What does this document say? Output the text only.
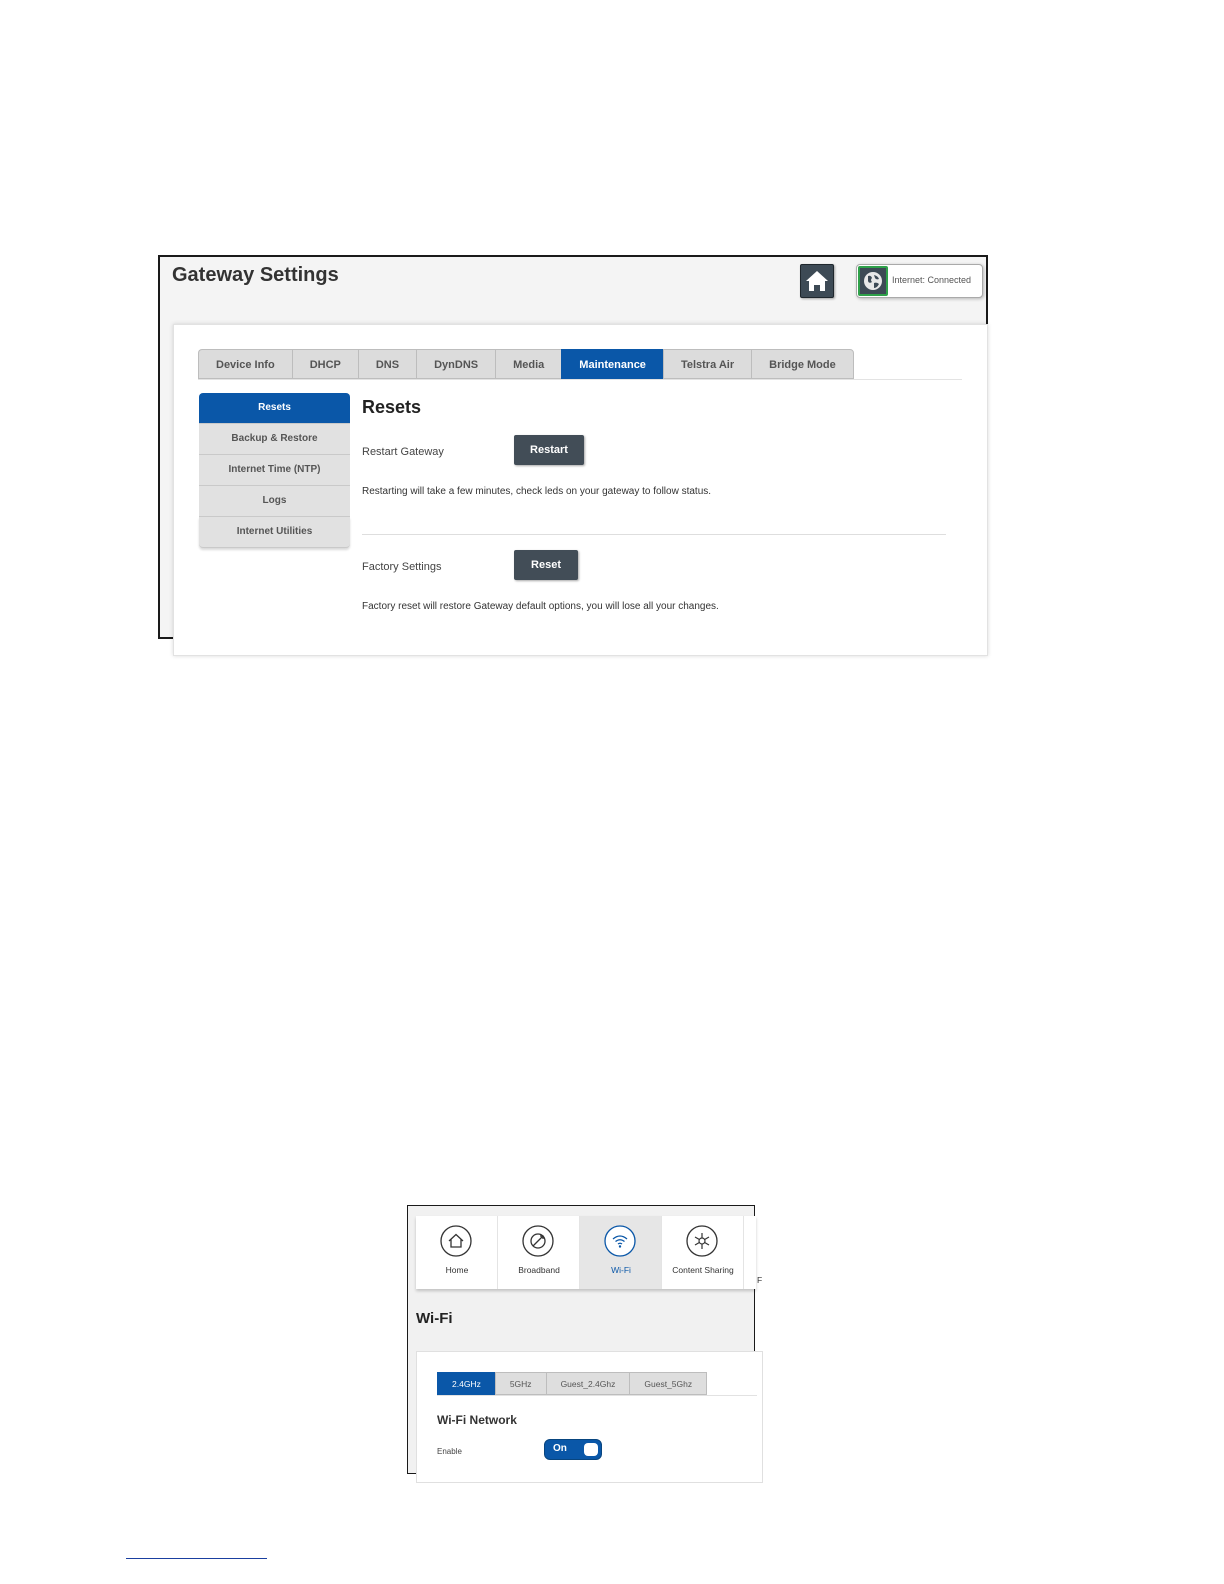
Gateway Settings	Internet: Connected
Device Info	DHCP	DNS	DynDNS	Media	Maintenance	Telstra Air	Bridge Mode
Resets
Backup & Restore
Internet Time (NTP)
Logs
Internet Utilities
Resets
Restart Gateway	Restart
Restarting will take a few minutes, check leds on your gateway to follow status.
Factory Settings	Reset
Factory reset will restore Gateway default options, you will lose all your changes.
Home	Broadband	Wi-Fi	Content Sharing
F
Wi-Fi
2.4GHz	5GHz	Guest_2.4Ghz	Guest_5Ghz
Wi-Fi Network
Enable	On
